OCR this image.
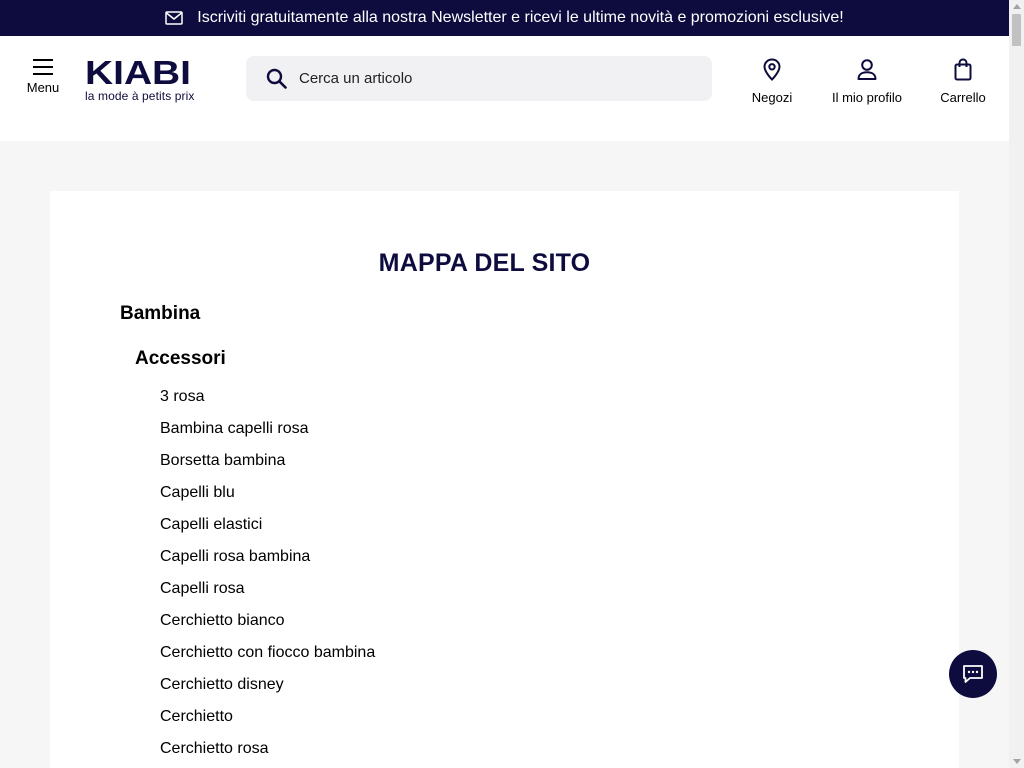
Iscriviti gratuitamente alla nostra Newsletter e ricevi le ultime novità e promozioni esclusive!
Menu KIABI
la mode à petits prix
Cerca un articolo	Negozi	Il mio profilo	Carrello
MAPPA DEL SITO
Bambina
Accessori
3 rosa
Bambina capelli rosa
Borsetta bambina
Capelli blu
Capelli elastici
Capelli rosa bambina
Capelli rosa
Cerchietto bianco
Cerchietto con fiocco bambina
Cerchietto disney
Cerchietto
Cerchietto rosa
